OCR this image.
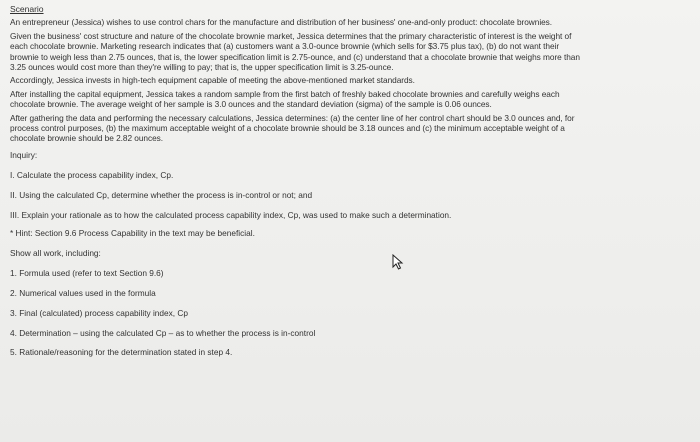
Scenario
An entrepreneur (Jessica) wishes to use control chars for the manufacture and distribution of her business' one-and-only product: chocolate brownies.
Given the business' cost structure and nature of the chocolate brownie market, Jessica determines that the primary characteristic of interest is the weight of
each chocolate brownie. Marketing research indicates that (a) customers want a 3.0-ounce brownie (which sells for $3.75 plus tax), (b) do not want their
brownie to weigh less than 2.75 ounces, that is, the lower specification limit is 2.75-ounce, and (c) understand that a chocolate brownie that weighs more than
3.25 ounces would cost more than they're willing to pay; that is, the upper specification limit is 3.25-ounce.
Accordingly, Jessica invests in high-tech equipment capable of meeting the above-mentioned market standards.
After installing the capital equipment, Jessica takes a random sample from the first batch of freshly baked chocolate brownies and carefully weighs each
chocolate brownie. The average weight of her sample is 3.0 ounces and the standard deviation (sigma) of the sample is 0.06 ounces.
After gathering the data and performing the necessary calculations, Jessica determines: (a) the center line of her control chart should be 3.0 ounces and, for
process control purposes, (b) the maximum acceptable weight of a chocolate brownie should be 3.18 ounces and (c) the minimum acceptable weight of a
chocolate brownie should be 2.82 ounces.
Inquiry:
I. Calculate the process capability index, Cp.
II. Using the calculated Cp, determine whether the process is in-control or not; and
III. Explain your rationale as to how the calculated process capability index, Cp, was used to make such a determination.
* Hint: Section 9.6 Process Capability in the text may be beneficial.
Show all work, including:
1. Formula used (refer to text Section 9.6)
2. Numerical values used in the formula
3. Final (calculated) process capability index, Cp
4. Determination – using the calculated Cp – as to whether the process is in-control
5. Rationale/reasoning for the determination stated in step 4.
